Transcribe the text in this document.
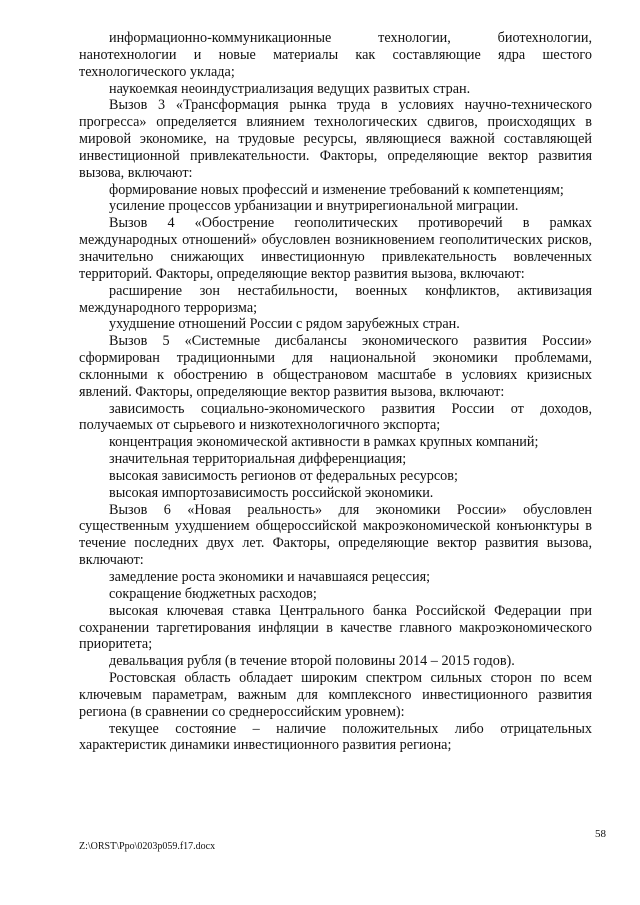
информационно-коммуникационные технологии, биотехнологии, нанотехнологии и новые материалы как составляющие ядра шестого технологического уклада;

наукоемкая неоиндустриализация ведущих развитых стран.

Вызов 3 «Трансформация рынка труда в условиях научно-технического прогресса» определяется влиянием технологических сдвигов, происходящих в мировой экономике, на трудовые ресурсы, являющиеся важной составляющей инвестиционной привлекательности. Факторы, определяющие вектор развития вызова, включают:

формирование новых профессий и изменение требований к компетенциям;

усиление процессов урбанизации и внутрирегиональной миграции.

Вызов 4 «Обострение геополитических противоречий в рамках международных отношений» обусловлен возникновением геополитических рисков, значительно снижающих инвестиционную привлекательность вовлеченных территорий. Факторы, определяющие вектор развития вызова, включают:

расширение зон нестабильности, военных конфликтов, активизация международного терроризма;

ухудшение отношений России с рядом зарубежных стран.

Вызов 5 «Системные дисбалансы экономического развития России» сформирован традиционными для национальной экономики проблемами, склонными к обострению в общестрановом масштабе в условиях кризисных явлений. Факторы, определяющие вектор развития вызова, включают:

зависимость социально-экономического развития России от доходов, получаемых от сырьевого и низкотехнологичного экспорта;

концентрация экономической активности в рамках крупных компаний;

значительная территориальная дифференциация;

высокая зависимость регионов от федеральных ресурсов;

высокая импортозависимость российской экономики.

Вызов 6 «Новая реальность» для экономики России» обусловлен существенным ухудшением общероссийской макроэкономической конъюнктуры в течение последних двух лет. Факторы, определяющие вектор развития вызова, включают:

замедление роста экономики и начавшаяся рецессия;

сокращение бюджетных расходов;

высокая ключевая ставка Центрального банка Российской Федерации при сохранении таргетирования инфляции в качестве главного макроэкономического приоритета;

девальвация рубля (в течение второй половины 2014 – 2015 годов).

Ростовская область обладает широким спектром сильных сторон по всем ключевым параметрам, важным для комплексного инвестиционного развития региона (в сравнении со среднероссийским уровнем):

текущее состояние – наличие положительных либо отрицательных характеристик динамики инвестиционного развития региона;

58
Z:\ORST\Ppo\0203p059.f17.docx
